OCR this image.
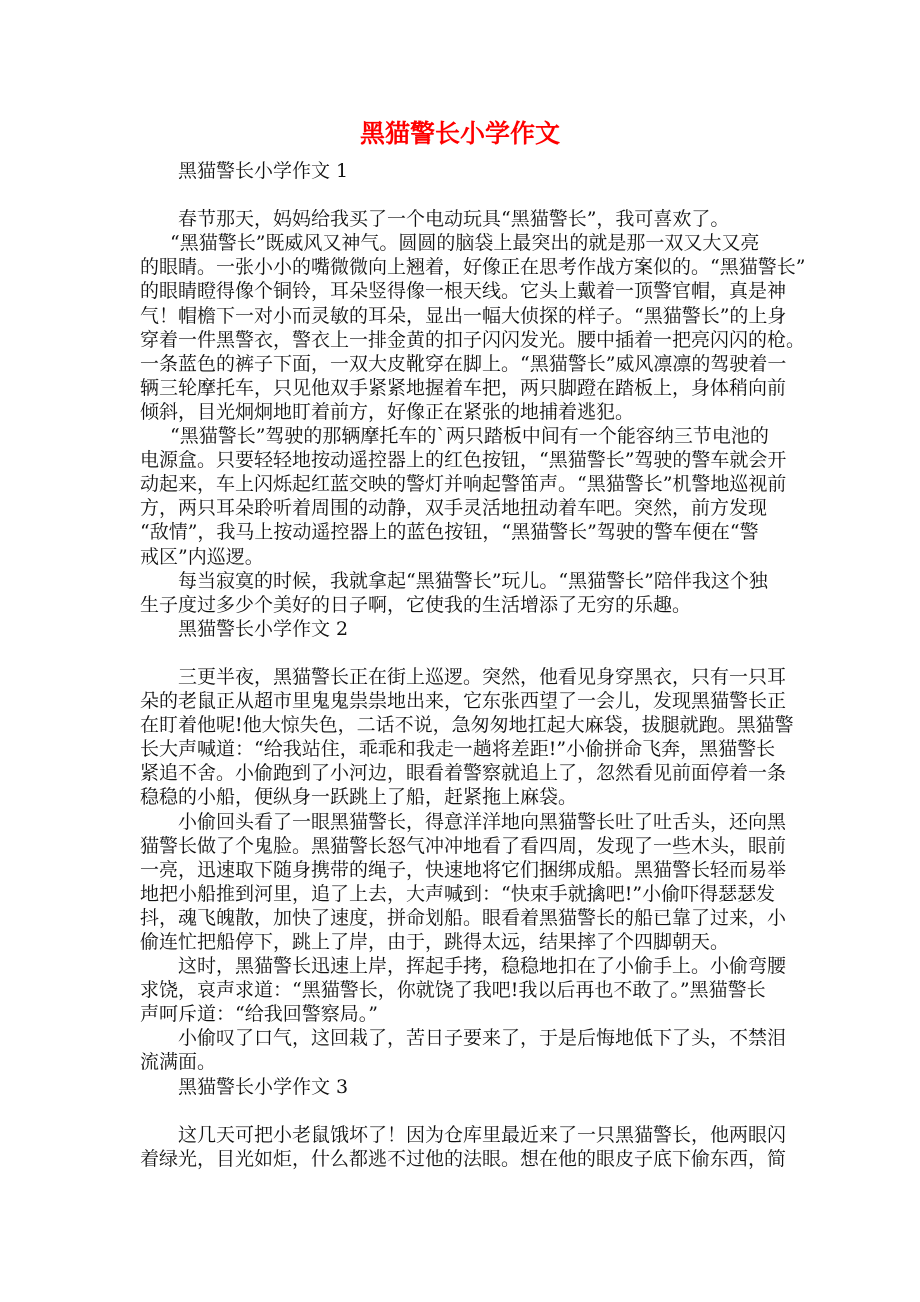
黑猫警长小学作文
黑猫警长小学作文 1
春节那天，妈妈给我买了一个电动玩具“黑猫警长”，我可喜欢了。
“黑猫警长”既威风又神气。圆圆的脑袋上最突出的就是那一双又大又亮
的眼睛。一张小小的嘴微微向上翘着，好像正在思考作战方案似的。“黑猫警长”
的眼睛瞪得像个铜铃，耳朵竖得像一根天线。它头上戴着一顶警官帽，真是神
气！帽檐下一对小而灵敏的耳朵，显出一幅大侦探的样子。“黑猫警长”的上身
穿着一件黑警衣，警衣上一排金黄的扣子闪闪发光。腰中插着一把亮闪闪的枪。
一条蓝色的裤子下面，一双大皮靴穿在脚上。“黑猫警长”威风凛凛的驾驶着一
辆三轮摩托车，只见他双手紧紧地握着车把，两只脚蹬在踏板上，身体稍向前
倾斜，目光炯炯地盯着前方，好像正在紧张的地捕着逃犯。
“黑猫警长”驾驶的那辆摩托车的`两只踏板中间有一个能容纳三节电池的
电源盒。只要轻轻地按动遥控器上的红色按钮，“黑猫警长”驾驶的警车就会开
动起来，车上闪烁起红蓝交映的警灯并响起警笛声。“黑猫警长”机警地巡视前
方，两只耳朵聆听着周围的动静，双手灵活地扭动着车吧。突然，前方发现
“敌情”，我马上按动遥控器上的蓝色按钮，“黑猫警长”驾驶的警车便在“警
戒区”内巡逻。
每当寂寞的时候，我就拿起“黑猫警长”玩儿。“黑猫警长”陪伴我这个独
生子度过多少个美好的日子啊，它使我的生活增添了无穷的乐趣。
黑猫警长小学作文 2
三更半夜，黑猫警长正在街上巡逻。突然，他看见身穿黑衣，只有一只耳
朵的老鼠正从超市里鬼鬼祟祟地出来，它东张西望了一会儿，发现黑猫警长正
在盯着他呢!他大惊失色，二话不说，急匆匆地扛起大麻袋，拔腿就跑。黑猫警
长大声喊道：“给我站住，乖乖和我走一趟将差距!”小偷拼命飞奔，黑猫警长
紧追不舍。小偷跑到了小河边，眼看着警察就追上了，忽然看见前面停着一条
稳稳的小船，便纵身一跃跳上了船，赶紧拖上麻袋。
小偷回头看了一眼黑猫警长，得意洋洋地向黑猫警长吐了吐舌头，还向黑
猫警长做了个鬼脸。黑猫警长怒气冲冲地看了看四周，发现了一些木头，眼前
一亮，迅速取下随身携带的绳子，快速地将它们捆绑成船。黑猫警长轻而易举
地把小船推到河里，追了上去，大声喊到：“快束手就擒吧!”小偷吓得瑟瑟发
抖，魂飞魄散，加快了速度，拼命划船。眼看着黑猫警长的船已靠了过来，小
偷连忙把船停下，跳上了岸，由于，跳得太远，结果摔了个四脚朝天。
这时，黑猫警长迅速上岸，挥起手拷，稳稳地扣在了小偷手上。小偷弯腰
求饶，哀声求道：“黑猫警长，你就饶了我吧!我以后再也不敢了。”黑猫警长
声呵斥道：“给我回警察局。”
小偷叹了口气，这回栽了，苦日子要来了，于是后悔地低下了头，不禁泪
流满面。
黑猫警长小学作文 3
这几天可把小老鼠饿坏了！因为仓库里最近来了一只黑猫警长，他两眼闪
着绿光，目光如炬，什么都逃不过他的法眼。想在他的眼皮子底下偷东西，简
